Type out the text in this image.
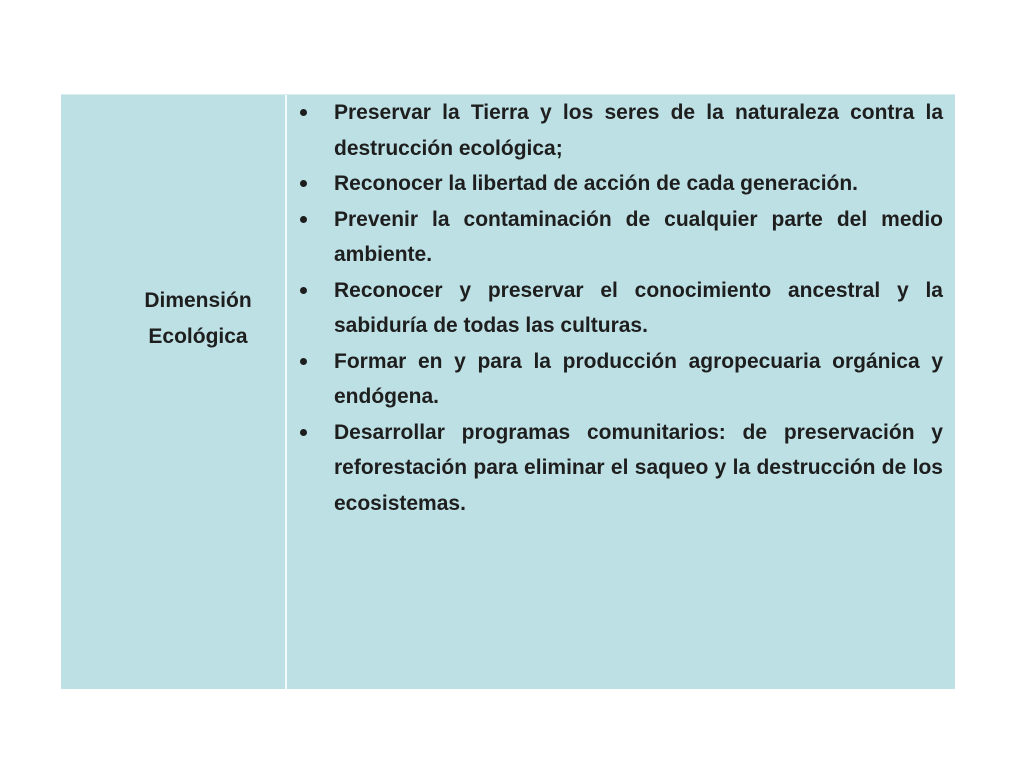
Dimensión
Ecológica
Preservar la Tierra y los seres de la naturaleza contra la destrucción ecológica;
Reconocer la libertad de acción de cada generación.
Prevenir la contaminación de cualquier parte del medio ambiente.
Reconocer y preservar el conocimiento ancestral y la sabiduría de todas las culturas.
Formar en y para la producción agropecuaria orgánica y endógena.
Desarrollar programas comunitarios: de preservación y reforestación para eliminar el saqueo y la destrucción de los ecosistemas.
